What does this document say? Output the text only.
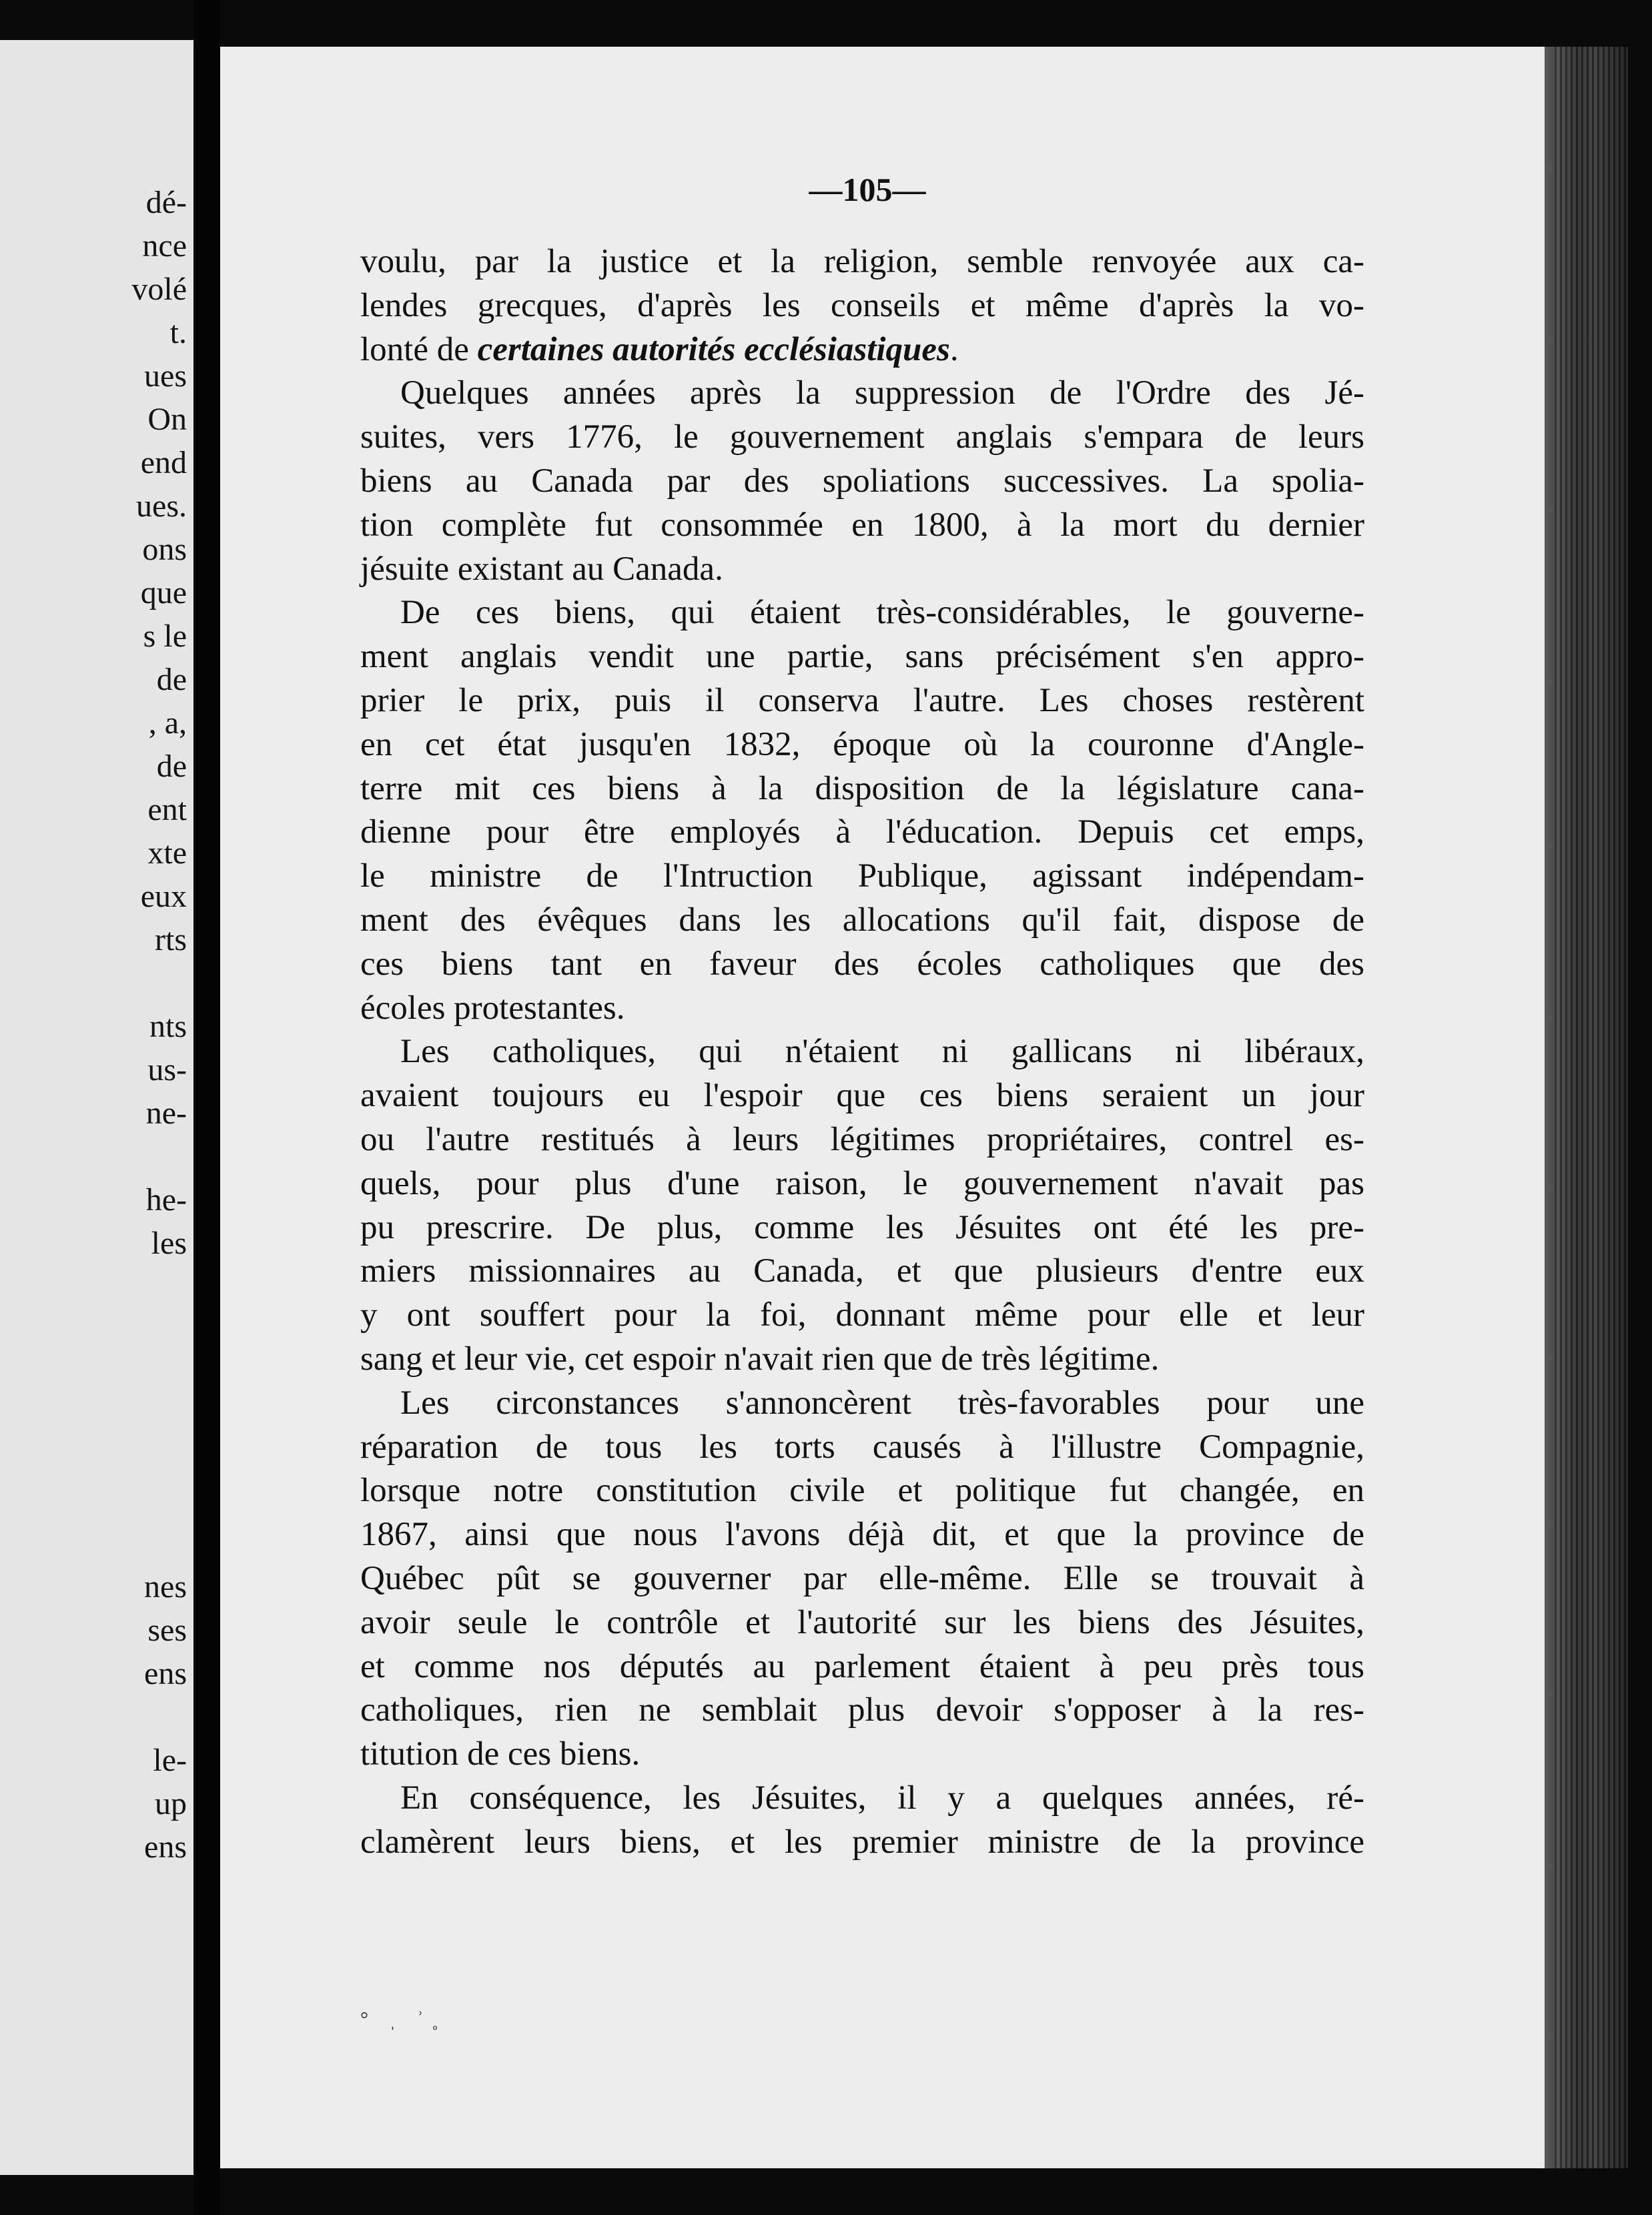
dé-
nce
volé
t.
ues
On
end
ues.
ons
que
s le
de
, a,
de
ent
xte
eux
rts
nts
us-
ne-
he-
les
nes
ses
ens
le-
up
ens
—105—
voulu, par la justice et la religion, semble renvoyée aux ca-
lendes grecques, d'après les conseils et même d'après la vo-
lonté de certaines autorités ecclésiastiques.
Quelques années après la suppression de l'Ordre des Jé-
suites, vers 1776, le gouvernement anglais s'empara de leurs
biens au Canada par des spoliations successives. La spolia-
tion complète fut consommée en 1800, à la mort du dernier
jésuite existant au Canada.
De ces biens, qui étaient très-considérables, le gouverne-
ment anglais vendit une partie, sans précisément s'en appro-
prier le prix, puis il conserva l'autre. Les choses restèrent
en cet état jusqu'en 1832, époque où la couronne d'Angle-
terre mit ces biens à la disposition de la législature cana-
dienne pour être employés à l'éducation. Depuis cet emps,
le ministre de l'Intruction Publique, agissant indépendam-
ment des évêques dans les allocations qu'il fait, dispose de
ces biens tant en faveur des écoles catholiques que des
écoles protestantes.
Les catholiques, qui n'étaient ni gallicans ni libéraux,
avaient toujours eu l'espoir que ces biens seraient un jour
ou l'autre restitués à leurs légitimes propriétaires, contrel es-
quels, pour plus d'une raison, le gouvernement n'avait pas
pu prescrire. De plus, comme les Jésuites ont été les pre-
miers missionnaires au Canada, et que plusieurs d'entre eux
y ont souffert pour la foi, donnant même pour elle et leur
sang et leur vie, cet espoir n'avait rien que de très légitime.
Les circonstances s'annoncèrent très-favorables pour une
réparation de tous les torts causés à l'illustre Compagnie,
lorsque notre constitution civile et politique fut changée, en
1867, ainsi que nous l'avons déjà dit, et que la province de
Québec pût se gouverner par elle-même. Elle se trouvait à
avoir seule le contrôle et l'autorité sur les biens des Jésuites,
et comme nos députés au parlement étaient à peu près tous
catholiques, rien ne semblait plus devoir s'opposer à la res-
titution de ces biens.
En conséquence, les Jésuites, il y a quelques années, ré-
clamèrent leurs biens, et les premier ministre de la province
° ˌ ʾ˳
